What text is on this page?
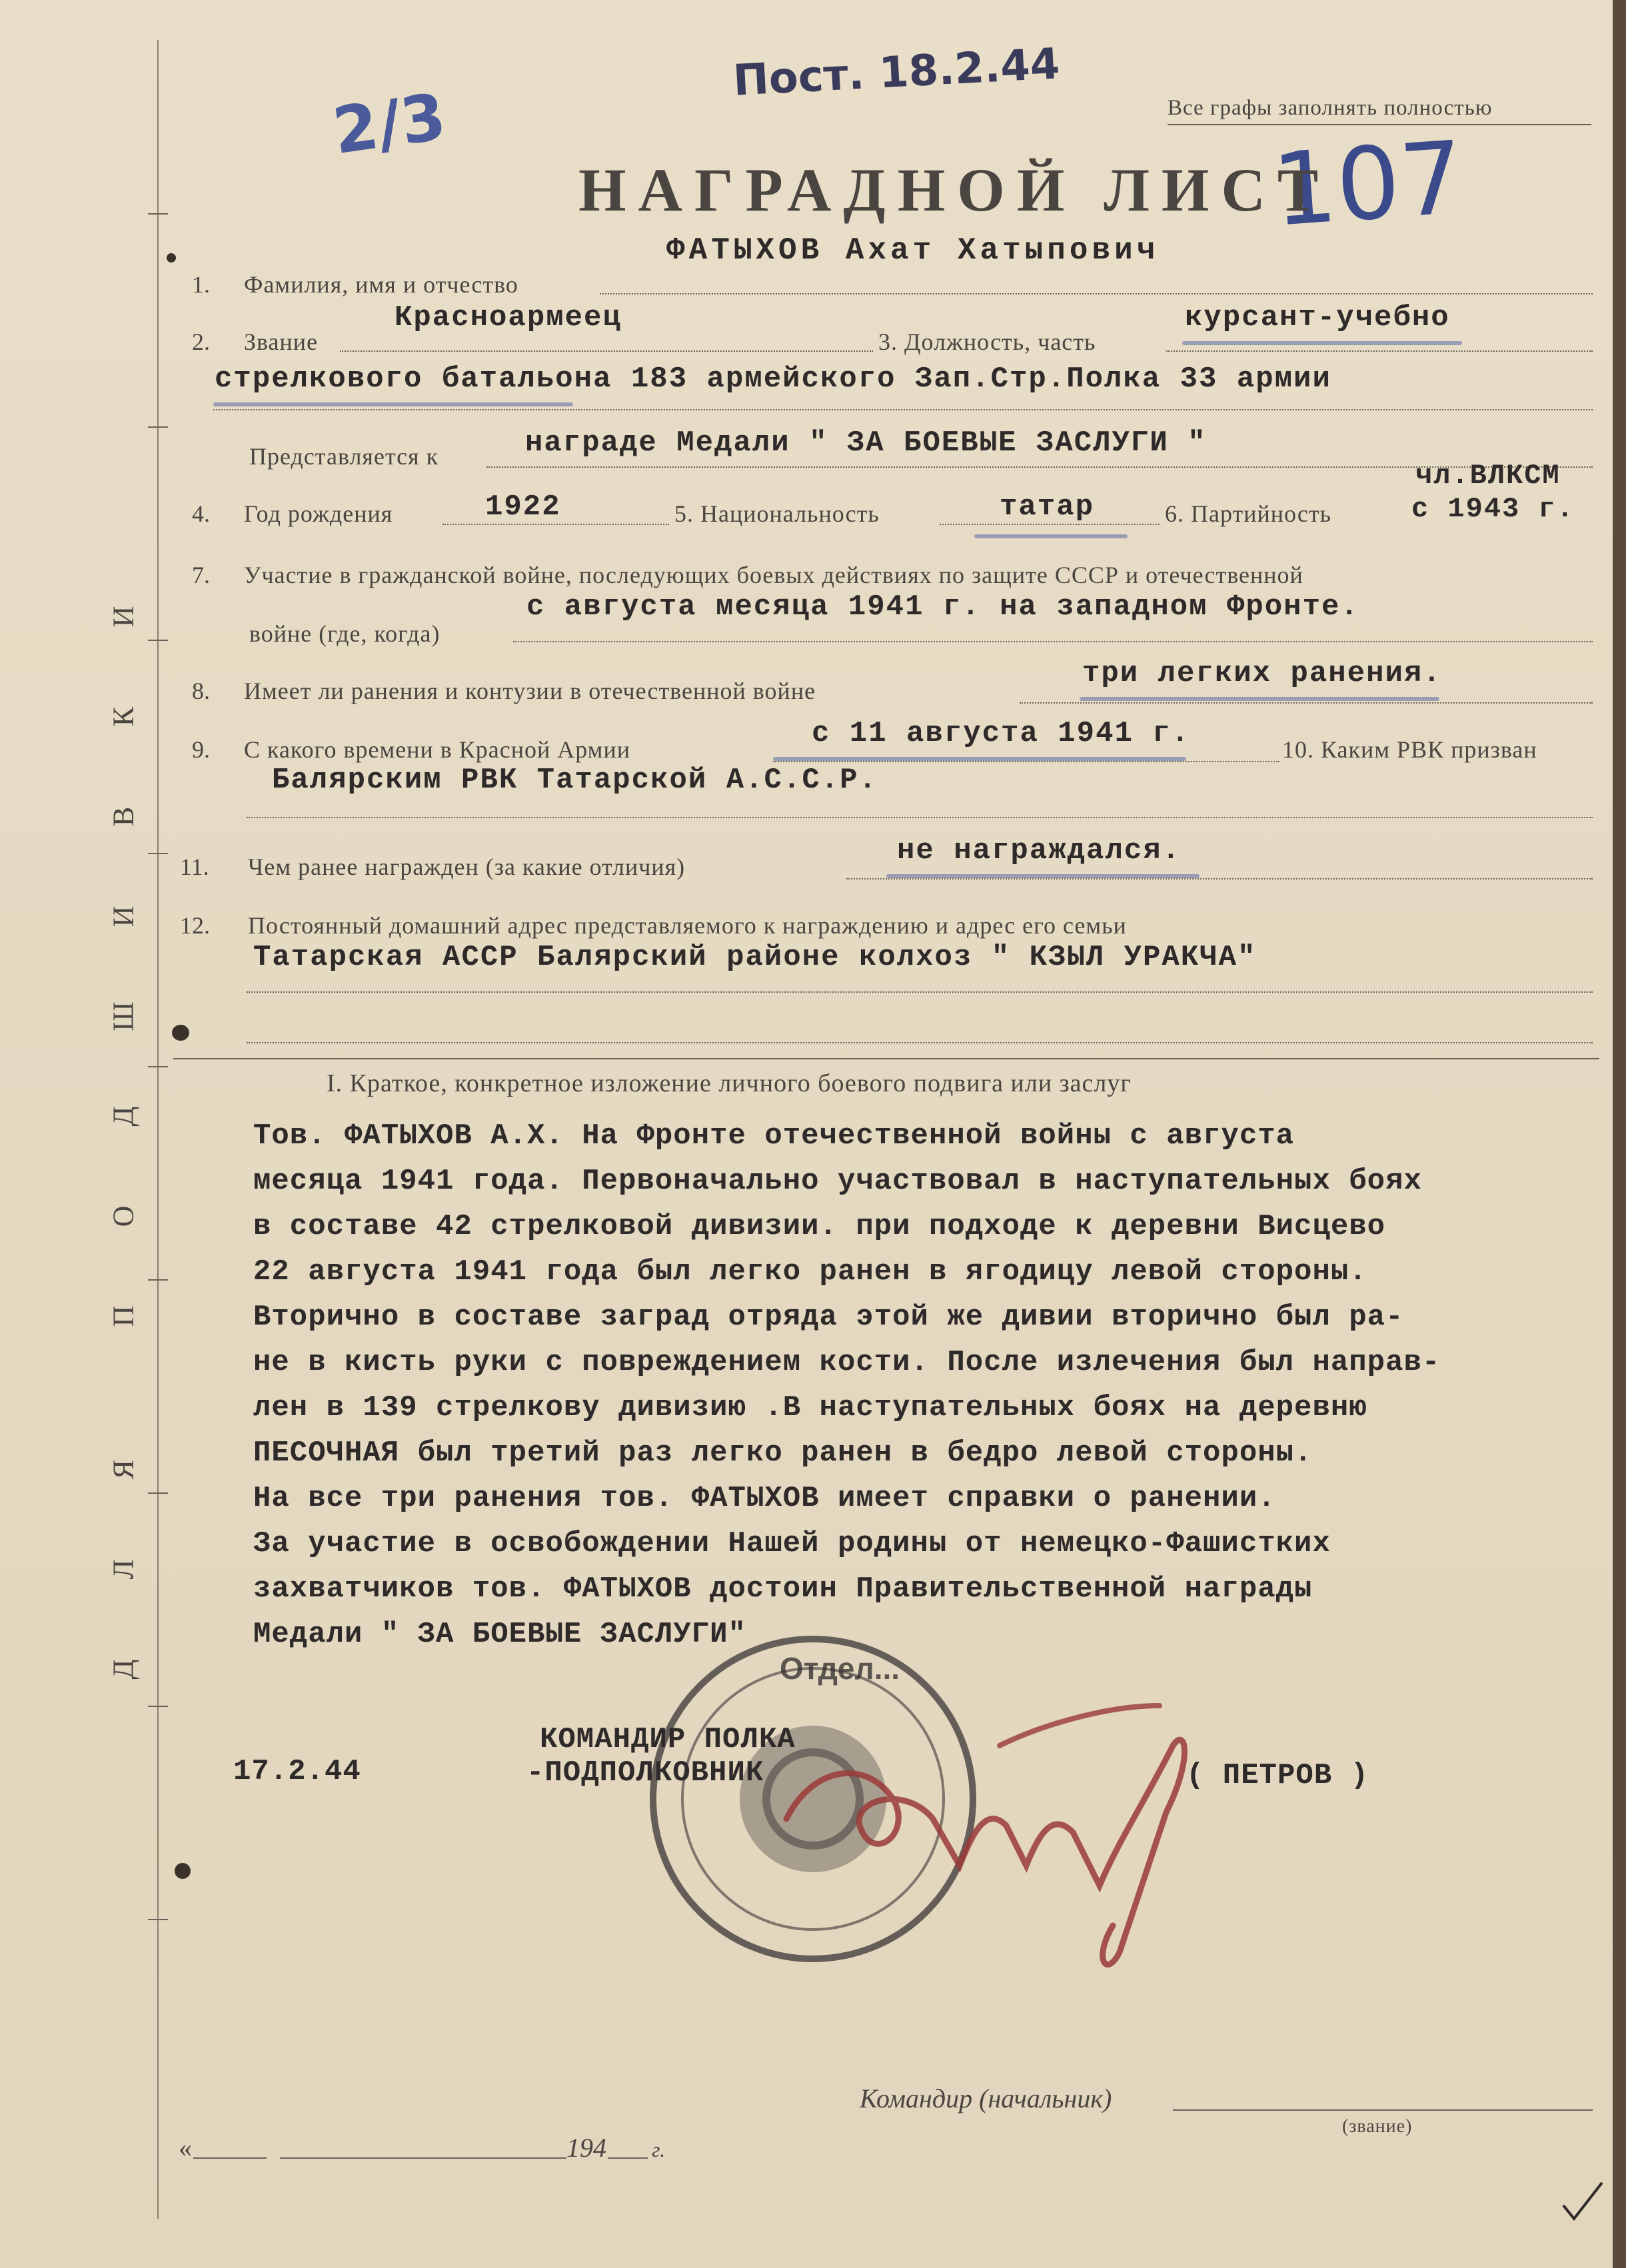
Д
Л
Я
П
О
Д
Ш
И
В
К
И
Пост. 18.2.44
2/3	107
Все графы заполнять полностью
НАГРАДНОЙ ЛИСТ
ФАТЫХОВ Ахат Хатыпович
1. Фамилия, имя и отчество
2. Звание
Красноармеец
3. Должность, часть
курсант-учебно
стрелкового батальона 183 армейского Зап.Стр.Полка 33 армии
Представляется к	награде Медали " ЗА БОЕВЫЕ ЗАСЛУГИ "
4. Год рождения	1922	5. Национальность	татар	6. Партийность
чл.ВЛКСМ
с 1943 г.
7. Участие в гражданской войне, последующих боевых действиях по защите СССР и отечественной
войне (где, когда)
с августа месяца 1941 г. на западном Фронте.
8. Имеет ли ранения и контузии в отечественной войне
три легких ранения.
9. С какого времени в Красной Армии	с 11 августа 1941 г.	10. Каким РВК призван
Балярским РВК Татарской А.С.С.Р.
11. Чем ранее награжден (за какие отличия)	не награждался.
12. Постоянный домашний адрес представляемого к награждению и адрес его семьи
Татарская АССР Балярский районе колхоз " КЗЫЛ УРАКЧА"
I. Краткое, конкретное изложение личного боевого подвига или заслуг
Тов. ФАТЫХОВ А.Х. На Фронте отечественной войны с августа
месяца 1941 года. Первоначально участвовал в наступательных боях
в составе 42 стрелковой дивизии. при подходе к деревни Висцево
22 августа 1941 года был легко ранен в ягодицу левой стороны.
Вторично в составе заград отряда этой же дивии вторично был ра-
не в кисть руки с повреждением кости. После излечения был направ-
лен в 139 стрелкову дивизию .В наступательных боях на деревню
ПЕСОЧНАЯ был третий раз легко ранен в бедро левой стороны.
На все три ранения тов. ФАТЫХОВ имеет справки о ранении.
За участие в освобождении Нашей родины от немецко-Фашистких
захватчиков тов. ФАТЫХОВ достоин Правительственной награды
Медали " ЗА БОЕВЫЕ ЗАСЛУГИ"
Отдел...
17.2.44
КОМАНДИР ПОЛКА
-ПОДПОЛКОВНИК	( ПЕТРОВ )
Командир (начальник)
(звание)
«	194 г.
